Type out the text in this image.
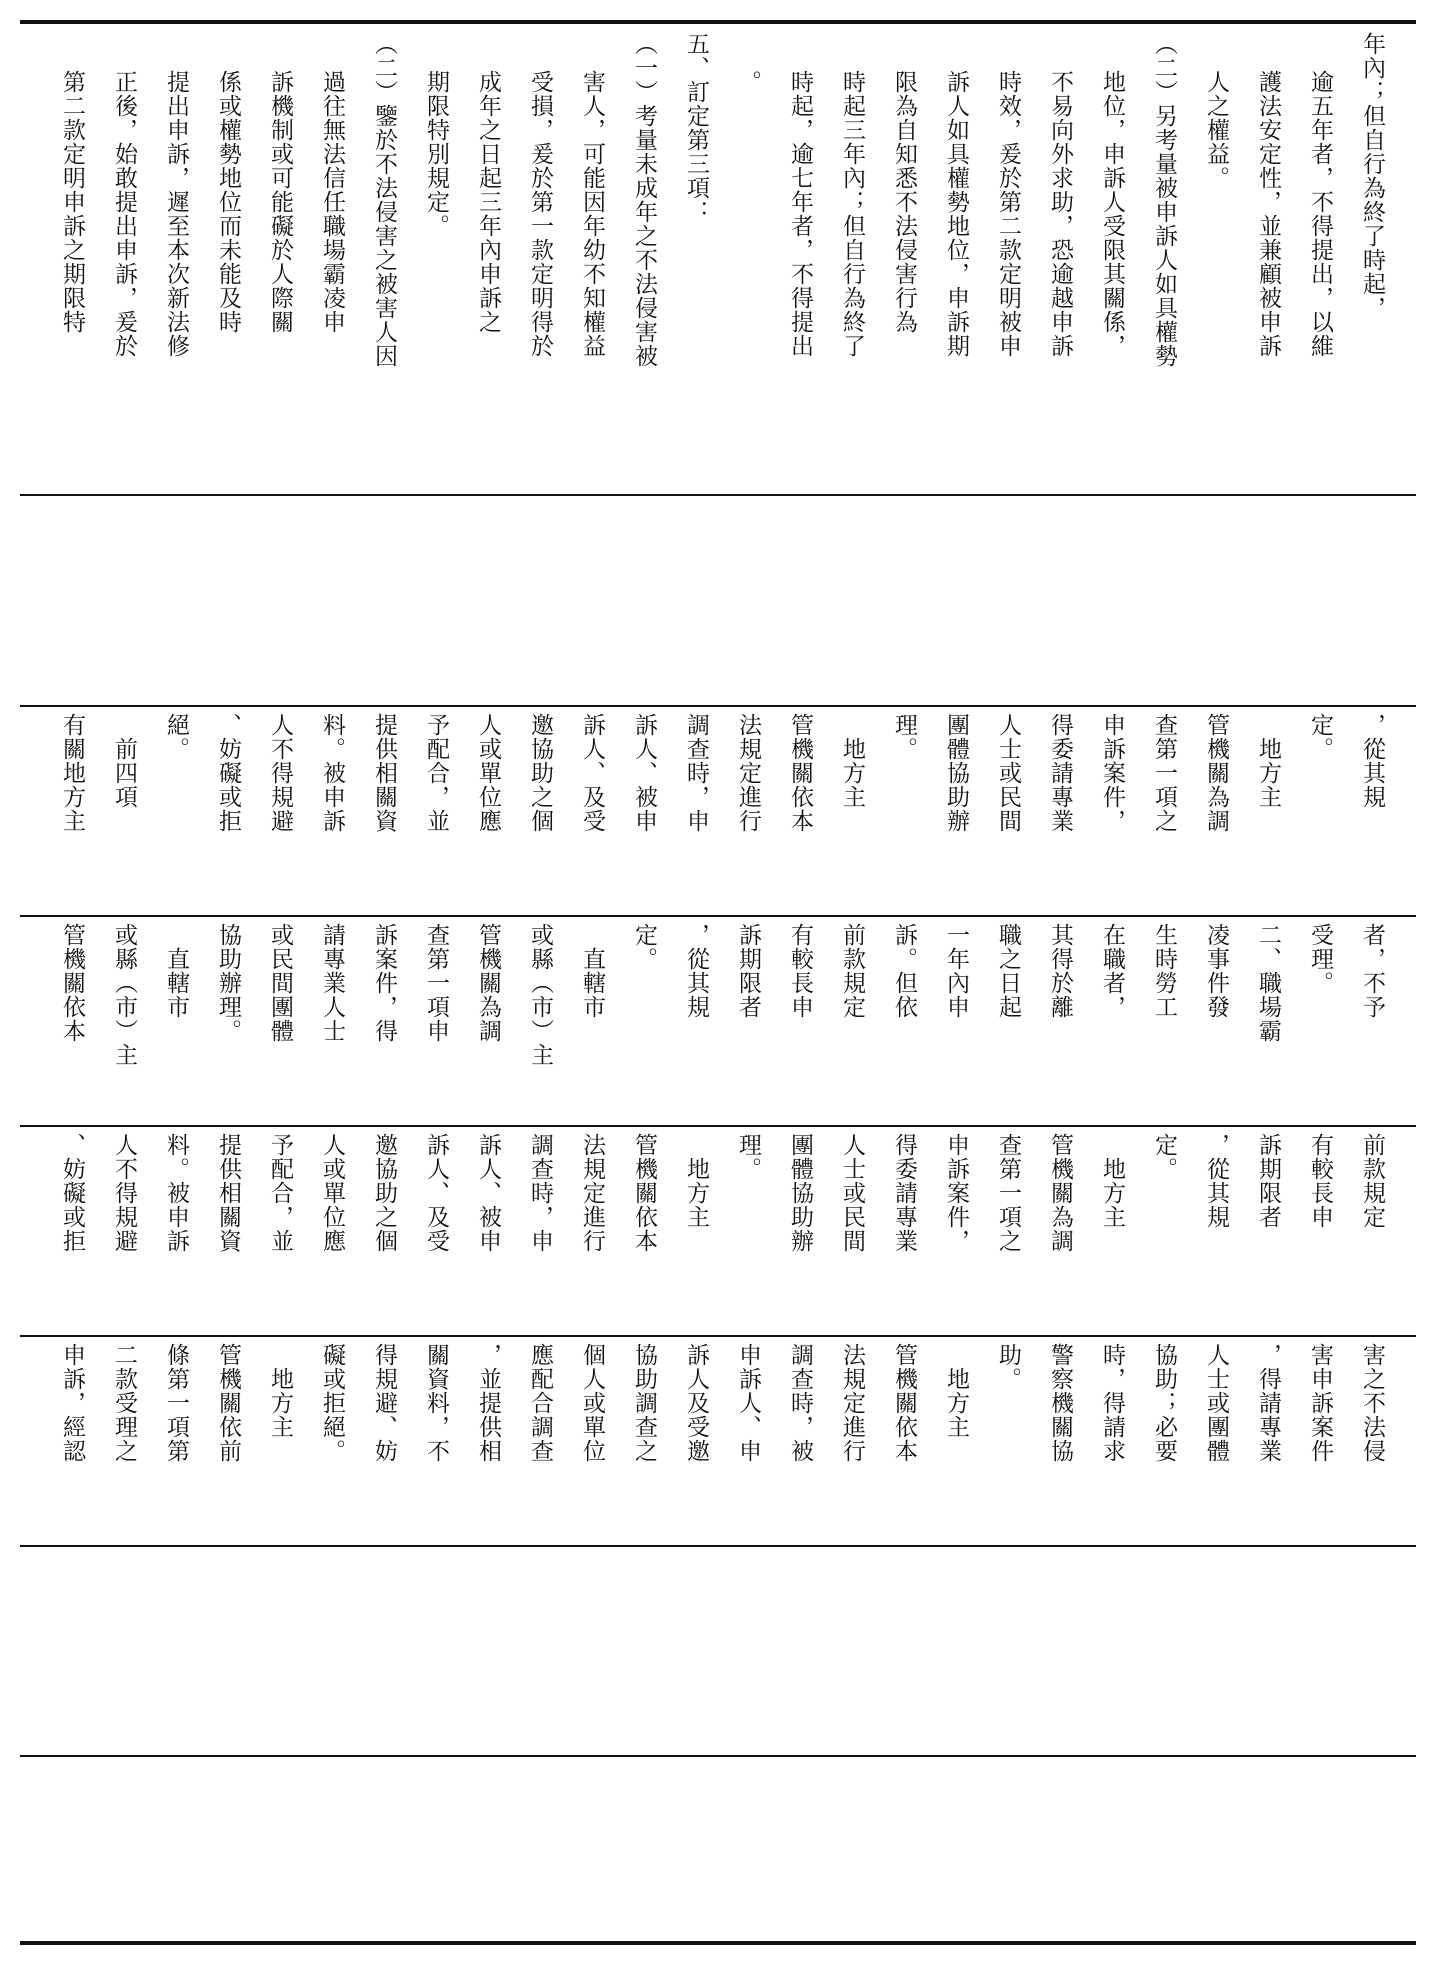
年內；但自行為終了時起，
逾五年者，不得提出，以維
護法安定性，並兼顧被申訴
人之權益。
（二）另考量被申訴人如具權勢
地位，申訴人受限其關係，
不易向外求助，恐逾越申訴
時效，爰於第二款定明被申
訴人如具權勢地位，申訴期
限為自知悉不法侵害行為
時起三年內；但自行為終了
時起，逾七年者，不得提出
。
五、訂定第三項：
（一）考量未成年之不法侵害被
害人，可能因年幼不知權益
受損，爰於第一款定明得於
成年之日起三年內申訴之
期限特別規定。
（二）鑒於不法侵害之被害人因
過往無法信任職場霸凌申
訴機制或可能礙於人際關
係或權勢地位而未能及時
提出申訴，遲至本次新法修
正後，始敢提出申訴，爰於
第二款定明申訴之期限特
，從其規
定。
　地方主
管機關為調
查第一項之
申訴案件，
得委請專業
人士或民間
團體協助辦
理。
　地方主
管機關依本
法規定進行
調查時，申
訴人、被申
訴人、及受
邀協助之個
人或單位應
予配合，並
提供相關資
料。被申訴
人不得規避
、妨礙或拒
絕。
　前四項
有關地方主
者，不予
受理。
二、職場霸
凌事件發
生時勞工
在職者，
其得於離
職之日起
一年內申
訴。但依
前款規定
有較長申
訴期限者
，從其規
定。
　直轄市
或縣（市）主
管機關為調
查第一項申
訴案件，得
請專業人士
或民間團體
協助辦理。
　直轄市
或縣（市）主
管機關依本
前款規定
有較長申
訴期限者
，從其規
定。
　地方主
管機關為調
查第一項之
申訴案件，
得委請專業
人士或民間
團體協助辦
理。
　地方主
管機關依本
法規定進行
調查時，申
訴人、被申
訴人、及受
邀協助之個
人或單位應
予配合，並
提供相關資
料。被申訴
人不得規避
、妨礙或拒
害之不法侵
害申訴案件
，得請專業
人士或團體
協助；必要
時，得請求
警察機關協
助。
　地方主
管機關依本
法規定進行
調查時，被
申訴人、申
訴人及受邀
協助調查之
個人或單位
應配合調查
，並提供相
關資料，不
得規避、妨
礙或拒絕。
　地方主
管機關依前
條第一項第
二款受理之
申訴，經認
